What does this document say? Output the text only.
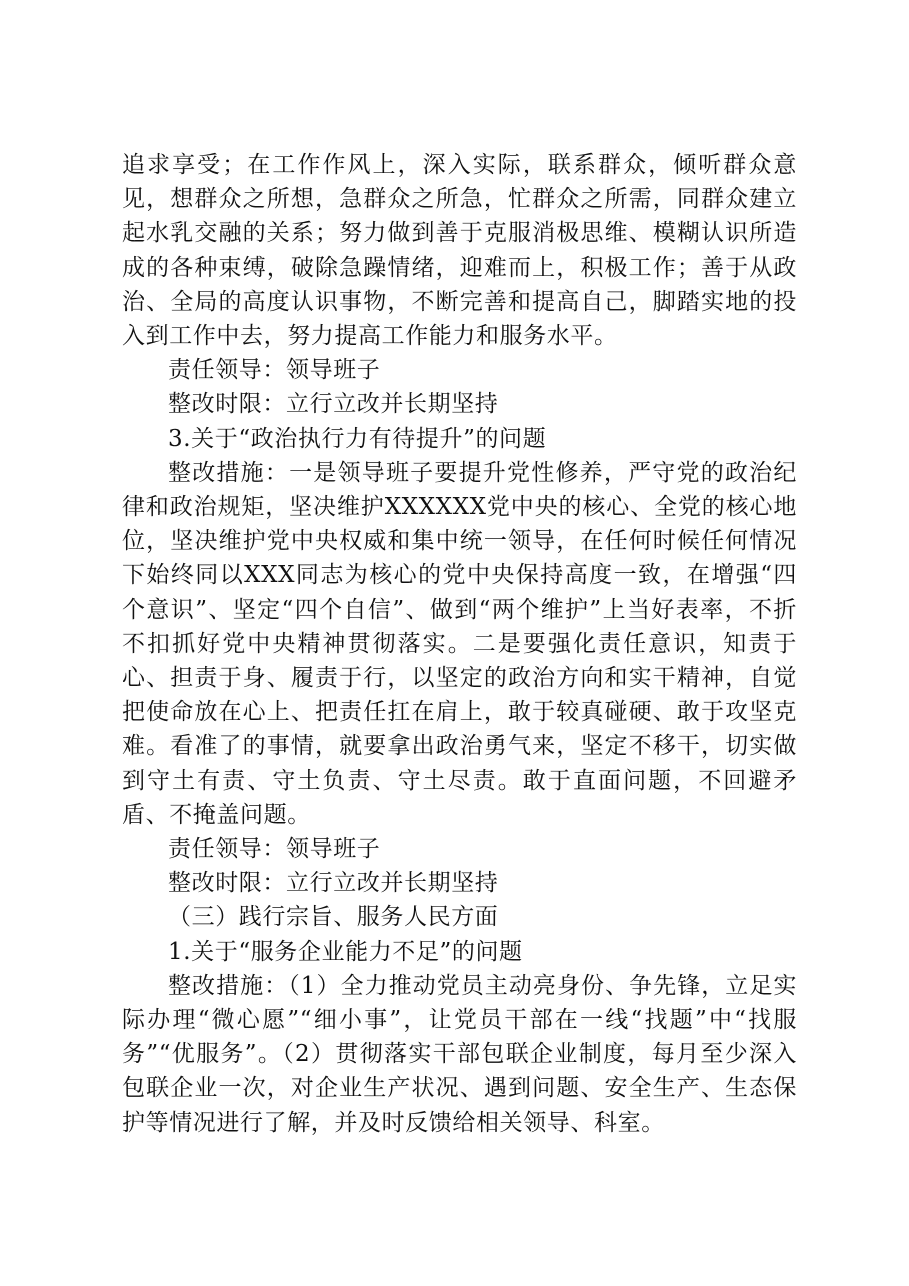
追求享受；在工作作风上，深入实际，联系群众，倾听群众意见，想群众之所想，急群众之所急，忙群众之所需，同群众建立起水乳交融的关系；努力做到善于克服消极思维、模糊认识所造成的各种束缚，破除急躁情绪，迎难而上，积极工作；善于从政治、全局的高度认识事物，不断完善和提高自己，脚踏实地的投入到工作中去，努力提高工作能力和服务水平。

责任领导：领导班子

整改时限：立行立改并长期坚持

3.关于“政治执行力有待提升”的问题

整改措施：一是领导班子要提升党性修养，严守党的政治纪律和政治规矩，坚决维护XXXXXX党中央的核心、全党的核心地位，坚决维护党中央权威和集中统一领导，在任何时候任何情况下始终同以XXX同志为核心的党中央保持高度一致，在增强“四个意识”、坚定“四个自信”、做到“两个维护”上当好表率，不折不扣抓好党中央精神贯彻落实。二是要强化责任意识，知责于心、担责于身、履责于行，以坚定的政治方向和实干精神，自觉把使命放在心上、把责任扛在肩上，敢于较真碰硬、敢于攻坚克难。看准了的事情，就要拿出政治勇气来，坚定不移干，切实做到守土有责、守土负责、守土尽责。敢于直面问题，不回避矛盾、不掩盖问题。

责任领导：领导班子

整改时限：立行立改并长期坚持

（三）践行宗旨、服务人民方面

1.关于“服务企业能力不足”的问题

整改措施：（1）全力推动党员主动亮身份、争先锋，立足实际办理“微心愿”“细小事”，让党员干部在一线“找题”中“找服务”“优服务”。（2）贯彻落实干部包联企业制度，每月至少深入包联企业一次，对企业生产状况、遇到问题、安全生产、生态保护等情况进行了解，并及时反馈给相关领导、科室。
